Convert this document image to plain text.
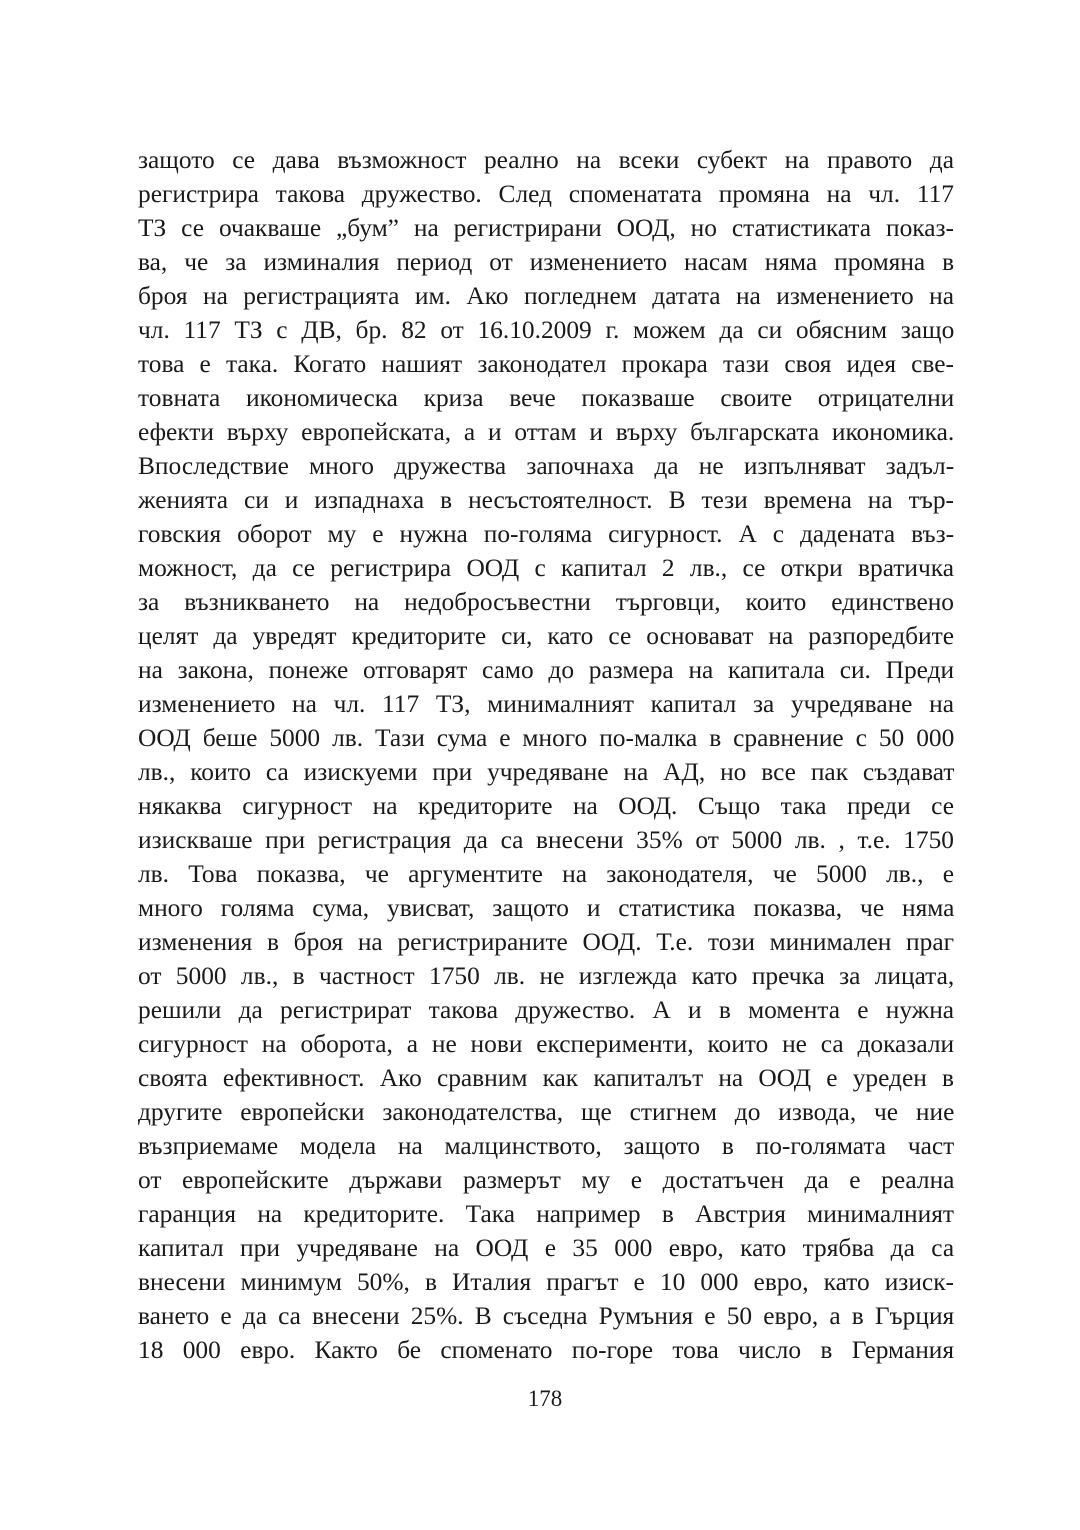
защото се дава възможност реално на всеки субект на правото да
регистрира такова дружество. След споменатата промяна на чл. 117
ТЗ се очакваше „бум” на регистрирани ООД, но статистиката показ-
ва, че за изминалия период от изменението насам няма промяна в
броя на регистрацията им. Ако погледнем датата на изменението на
чл. 117 ТЗ с ДВ, бр. 82 от 16.10.2009 г. можем да си обясним защо
това е така. Когато нашият законодател прокара тази своя идея све-
товната икономическа криза вече показваше своите отрицателни
ефекти върху европейската, а и оттам и върху българската икономика.
Впоследствие много дружества започнаха да не изпълняват задъл-
женията си и изпаднаха в несъстоятелност. В тези времена на тър-
говския оборот му е нужна по-голяма сигурност. А с дадената въз-
можност, да се регистрира ООД с капитал 2 лв., се откри вратичка
за възникването на недобросъвестни търговци, които единствено
целят да увредят кредиторите си, като се основават на разпоредбите
на закона, понеже отговарят само до размера на капитала си. Преди
изменението на чл. 117 ТЗ, минималният капитал за учредяване на
ООД беше 5000 лв. Тази сума е много по-малка в сравнение с 50 000
лв., които са изискуеми при учредяване на АД, но все пак създават
някаква сигурност на кредиторите на ООД. Също така преди се
изискваше при регистрация да са внесени 35% от 5000 лв. , т.е. 1750
лв. Това показва, че аргументите на законодателя, че 5000 лв., е
много голяма сума, увисват, защото и статистика показва, че няма
изменения в броя на регистрираните ООД. Т.е. този минимален праг
от 5000 лв., в частност 1750 лв. не изглежда като пречка за лицата,
решили да регистрират такова дружество. А и в момента е нужна
сигурност на оборота, а не нови експерименти, които не са доказали
своята ефективност. Ако сравним как капиталът на ООД е уреден в
другите европейски законодателства, ще стигнем до извода, че ние
възприемаме модела на малцинството, защото в по-голямата част
от европейските държави размерът му е достатъчен да е реална
гаранция на кредиторите. Така например в Австрия минималният
капитал при учредяване на ООД е 35 000 евро, като трябва да са
внесени минимум 50%, в Италия прагът е 10 000 евро, като изиск-
ването е да са внесени 25%. В съседна Румъния е 50 евро, а в Гърция
18 000 евро. Както бе споменато по-горе това число в Германия
178
